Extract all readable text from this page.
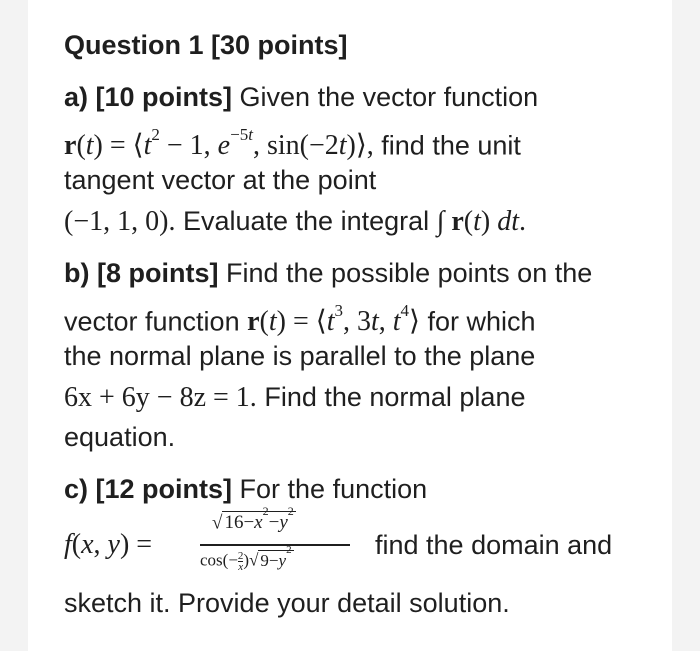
Question 1 [30 points]
a) [10 points] Given the vector function
$r(t) = ⟨t^2 - 1$, $e^{-5t}$, sin(−2t)⟩, find the unit
tangent vector at the point
(−1, 1, 0). Evaluate the integral ∫ r(t) dt.
b) [8 points] Find the possible points on the
vector function $r(t) = ⟨t^3$, 3t, $t^4⟩$ for which
the normal plane is parallel to the plane
6x + 6y − 8z = 1. Find the normal plane
equation.
c) [12 points] For the function
f(x, y) =
√ $16-x^2-y^2$
$\cos(- \frac{2}{x})√$ $9-y^2$	find the domain and
sketch it. Provide your detail solution.
